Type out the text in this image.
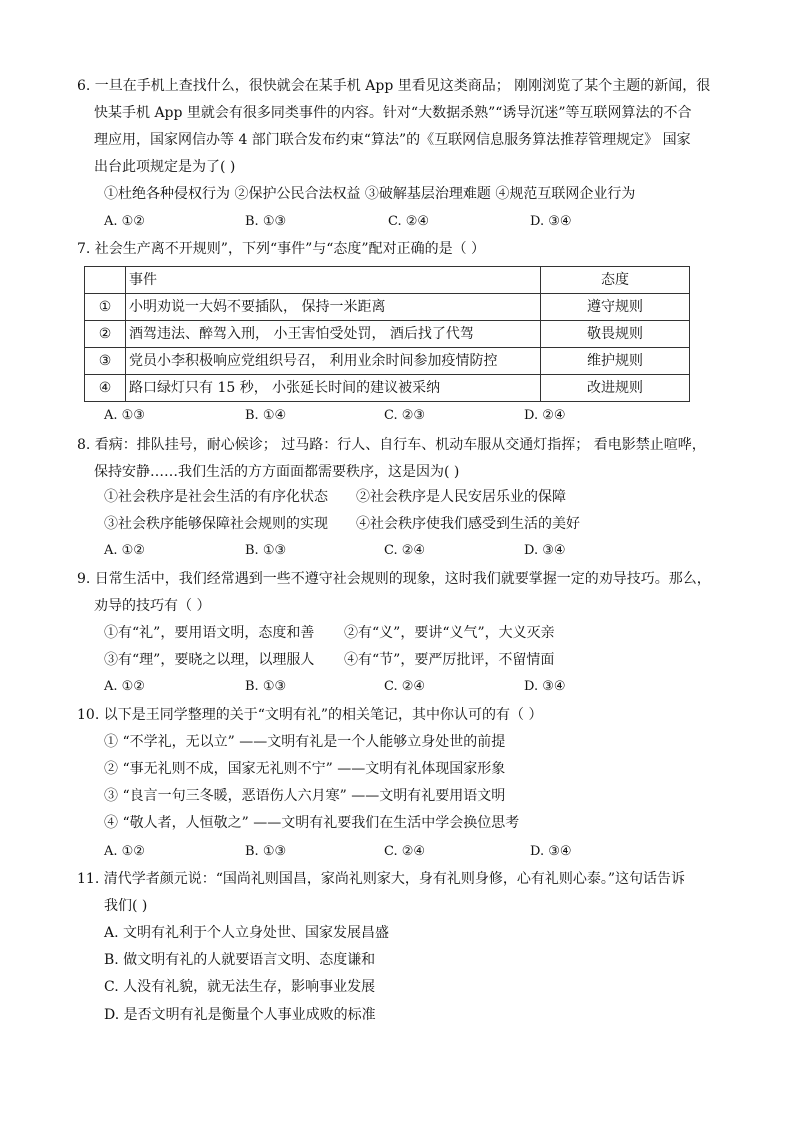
6. 一旦在手机上查找什么，很快就会在某手机 App 里看见这类商品； 刚刚浏览了某个主题的新闻，很
快某手机 App 里就会有很多同类事件的内容。针对“大数据杀熟”“诱导沉迷”等互联网算法的不合
理应用，国家网信办等 4 部门联合发布约束“算法”的《互联网信息服务算法推荐管理规定》 国家
出台此项规定是为了( )
①杜绝各种侵权行为 ②保护公民合法权益 ③破解基层治理难题 ④规范互联网企业行为
A. ①②	B. ①③	C. ②④	D. ③④
7. 社会生产离不开规则”，下列“事件”与“态度”配对正确的是（ ）
	事件	态度
①	小明劝说一大妈不要插队， 保持一米距离	遵守规则
②	酒驾违法、醉驾入刑， 小王害怕受处罚， 酒后找了代驾	敬畏规则
③	党员小李积极响应党组织号召， 利用业余时间参加疫情防控	维护规则
④	路口绿灯只有 15 秒， 小张延长时间的建议被采纳	改进规则
A. ①③	B. ①④	C. ②③	D. ②④
8. 看病：排队挂号，耐心候诊； 过马路：行人、自行车、机动车服从交通灯指挥； 看电影禁止喧哗，
保持安静……我们生活的方方面面都需要秩序，这是因为( )
①社会秩序是社会生活的有序化状态 ②社会秩序是人民安居乐业的保障
③社会秩序能够保障社会规则的实现 ④社会秩序使我们感受到生活的美好
A. ①②	B. ①③	C. ②④	D. ③④
9. 日常生活中，我们经常遇到一些不遵守社会规则的现象，这时我们就要掌握一定的劝导技巧。那么，
劝导的技巧有（ ）
①有“礼”，要用语文明，态度和善 ②有“义”，要讲“义气”，大义灭亲
③有“理”，要晓之以理，以理服人 ④有“节”，要严厉批评，不留情面
A. ①②	B. ①③	C. ②④	D. ③④
10. 以下是王同学整理的关于“文明有礼”的相关笔记，其中你认可的有（ ）
① “不学礼，无以立” ——文明有礼是一个人能够立身处世的前提
② “事无礼则不成，国家无礼则不宁” ——文明有礼体现国家形象
③ “良言一句三冬暖，恶语伤人六月寒” ——文明有礼要用语文明
④ “敬人者，人恒敬之” ——文明有礼要我们在生活中学会换位思考
A. ①②	B. ①③	C. ②④	D. ③④
11. 清代学者颜元说：“国尚礼则国昌，家尚礼则家大，身有礼则身修，心有礼则心泰。”这句话告诉
我们( )
A. 文明有礼利于个人立身处世、国家发展昌盛
B. 做文明有礼的人就要语言文明、态度谦和
C. 人没有礼貌，就无法生存，影响事业发展
D. 是否文明有礼是衡量个人事业成败的标准
